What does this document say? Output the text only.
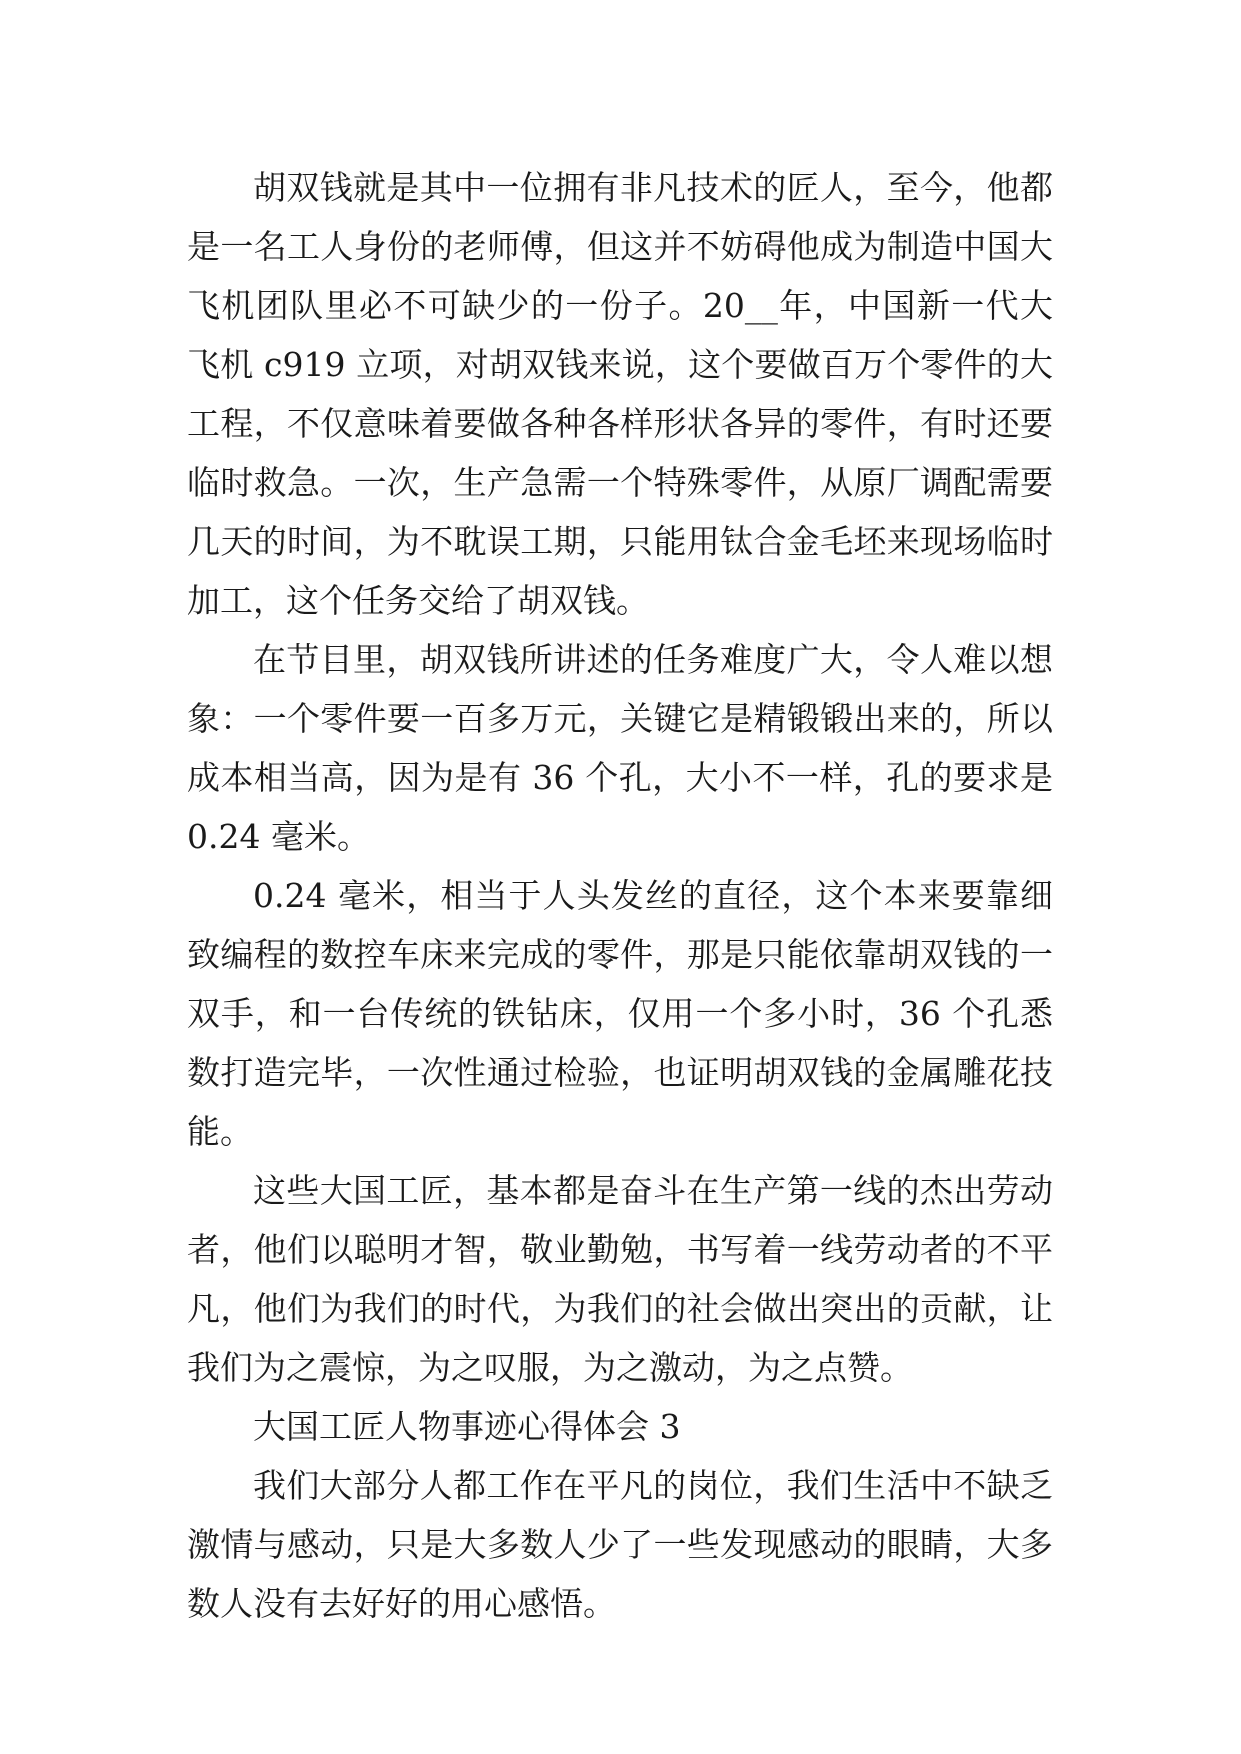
胡双钱就是其中一位拥有非凡技术的匠人，至今，他都是一名工人身份的老师傅，但这并不妨碍他成为制造中国大飞机团队里必不可缺少的一份子。20__年，中国新一代大飞机 c919 立项，对胡双钱来说，这个要做百万个零件的大工程，不仅意味着要做各种各样形状各异的零件，有时还要临时救急。一次，生产急需一个特殊零件，从原厂调配需要几天的时间，为不耽误工期，只能用钛合金毛坯来现场临时加工，这个任务交给了胡双钱。

在节目里，胡双钱所讲述的任务难度广大，令人难以想象：一个零件要一百多万元，关键它是精锻锻出来的，所以成本相当高，因为是有 36 个孔，大小不一样，孔的要求是 0.24 毫米。

0.24 毫米，相当于人头发丝的直径，这个本来要靠细致编程的数控车床来完成的零件，那是只能依靠胡双钱的一双手，和一台传统的铁钻床，仅用一个多小时，36 个孔悉数打造完毕，一次性通过检验，也证明胡双钱的金属雕花技能。

这些大国工匠，基本都是奋斗在生产第一线的杰出劳动者，他们以聪明才智，敬业勤勉，书写着一线劳动者的不平凡，他们为我们的时代，为我们的社会做出突出的贡献，让我们为之震惊，为之叹服，为之激动，为之点赞。

大国工匠人物事迹心得体会 3

我们大部分人都工作在平凡的岗位，我们生活中不缺乏激情与感动，只是大多数人少了一些发现感动的眼睛，大多数人没有去好好的用心感悟。
